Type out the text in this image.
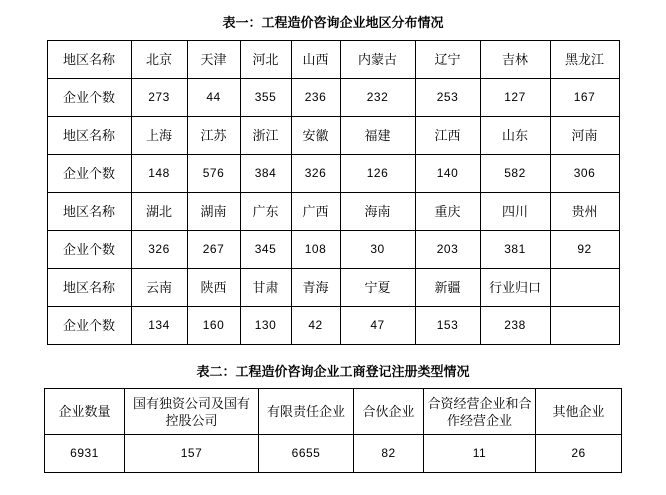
表一：工程造价咨询企业地区分布情况
地区名称	北京	天津	河北	山西	内蒙古	辽宁	吉林	黑龙江
企业个数	273	44	355	236	232	253	127	167
地区名称	上海	江苏	浙江	安徽	福建	江西	山东	河南
企业个数	148	576	384	326	126	140	582	306
地区名称	湖北	湖南	广东	广西	海南	重庆	四川	贵州
企业个数	326	267	345	108	30	203	381	92
地区名称	云南	陕西	甘肃	青海	宁夏	新疆	行业归口	
企业个数	134	160	130	42	47	153	238	
表二：工程造价咨询企业工商登记注册类型情况
企业数量	国有独资公司及国有控股公司	有限责任企业	合伙企业	合资经营企业和合作经营企业	其他企业
6931	157	6655	82	11	26
